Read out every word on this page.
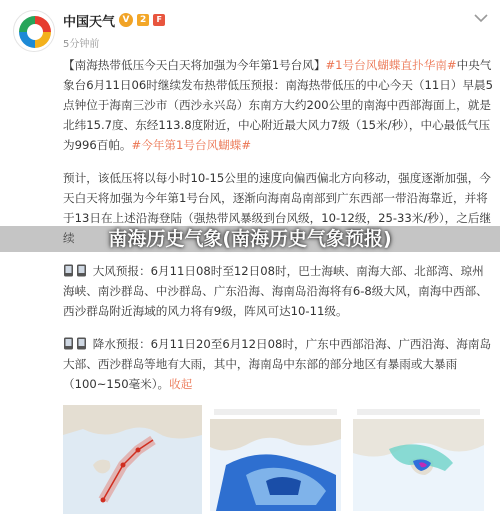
中国天气 V	2	F
5分钟前

【南海热带低压今天白天将加强为今年第1号台风】#1号台风蝴蝶直扑华南#中央气象台6月11日06时继续发布热带低压预报：南海热带低压的中心今天（11日）早晨5点钟位于海南三沙市（西沙永兴岛）东南方大约200公里的南海中西部海面上，就是北纬15.7度、东经113.8度附近，中心附近最大风力7级（15米/秒），中心最低气压为996百帕。#今年第1号台风蝴蝶#

预计，该低压将以每小时10-15公里的速度向偏西偏北方向移动，强度逐渐加强，今天白天将加强为今年第1号台风，逐渐向海南岛南部到广东西部一带沿海靠近，并将于13日在上述沿海登陆（强热带风暴级到台风级，10-12级，25-33米/秒），之后继续

大风预报：6月11日08时至12日08时，巴士海峡、南海大部、北部湾、琼州海峡、南沙群岛、中沙群岛、广东沿海、海南岛沿海将有6-8级大风，南海中西部、西沙群岛附近海域的风力将有9级，阵风可达10-11级。

降水预报：6月11日20至6月12日08时，广东中西部沿海、广西沿海、海南岛大部、西沙群岛等地有大雨，其中，海南岛中东部的部分地区有暴雨或大暴雨（100~150毫米）。收起

南海历史气象(南海历史气象预报)
